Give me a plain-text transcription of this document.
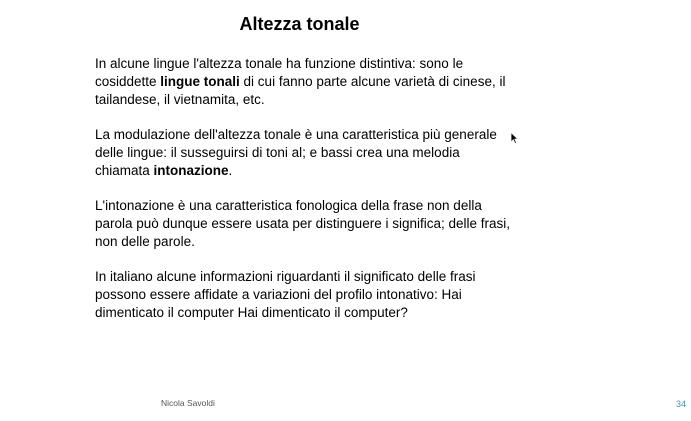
Altezza tonale

In alcune lingue l'altezza tonale ha funzione distintiva: sono le cosiddette lingue tonali di cui fanno parte alcune varietà di cinese, il tailandese, il vietnamita, etc.

La modulazione dell'altezza tonale è una caratteristica più generale delle lingue: il susseguirsi di toni al; e bassi crea una melodia chiamata intonazione.

L'intonazione è una caratteristica fonologica della frase non della parola può dunque essere usata per distinguere i significa; delle frasi, non delle parole.

In italiano alcune informazioni riguardanti il significato delle frasi possono essere affidate a variazioni del profilo intonativo: Hai dimenticato il computer Hai dimenticato il computer?

Nicola Savoldi	34
